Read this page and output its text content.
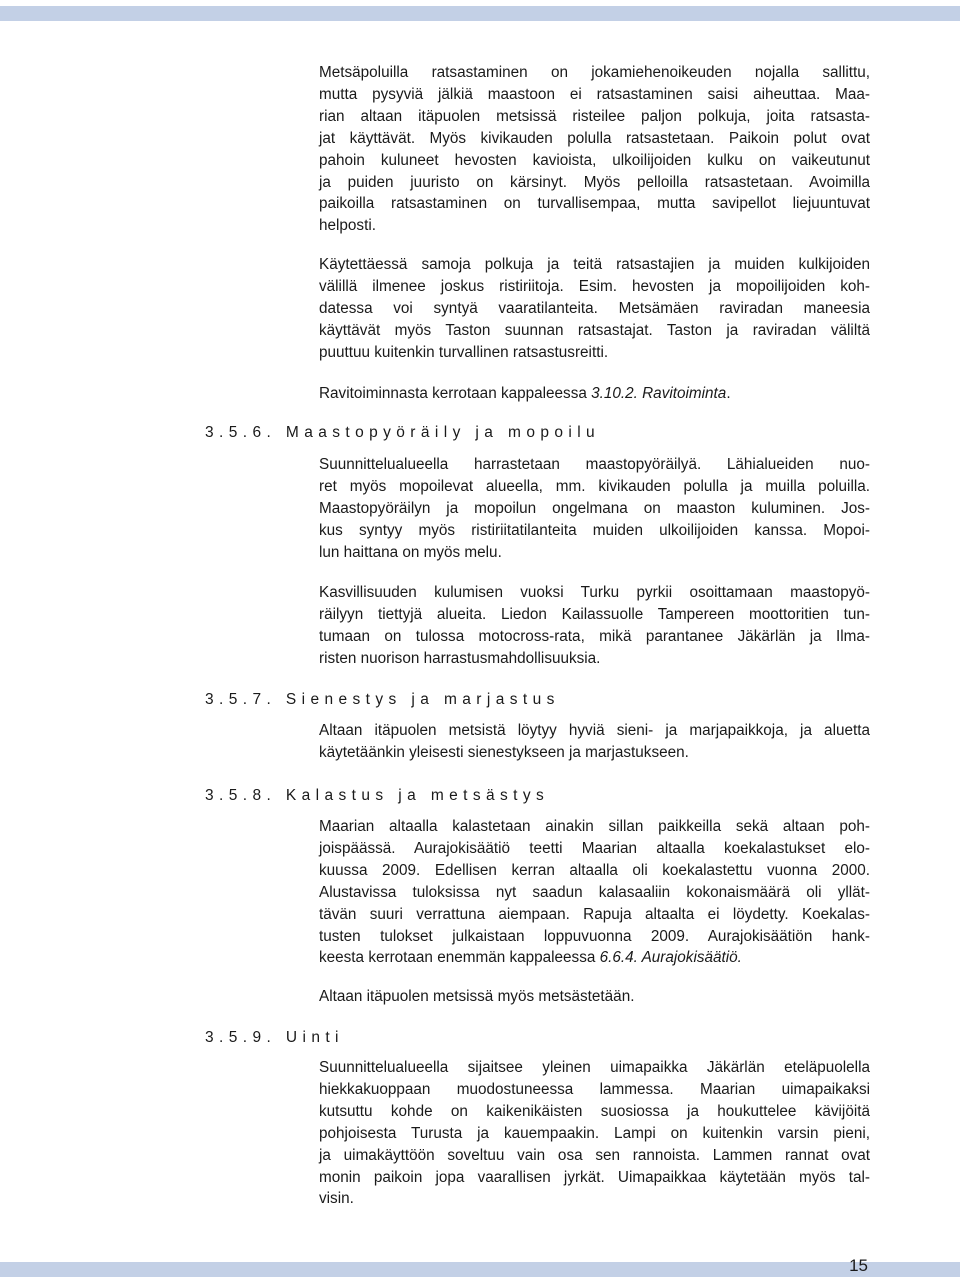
Metsäpoluilla ratsastaminen on jokamiehenoikeuden nojalla sallittu,
mutta pysyviä jälkiä maastoon ei ratsastaminen saisi aiheuttaa. Maa-
rian altaan itäpuolen metsissä risteilee paljon polkuja, joita ratsasta-
jat käyttävät. Myös kivikauden polulla ratsastetaan. Paikoin polut ovat
pahoin kuluneet hevosten kavioista, ulkoilijoiden kulku on vaikeutunut
ja puiden juuristo on kärsinyt. Myös pelloilla ratsastetaan. Avoimilla
paikoilla ratsastaminen on turvallisempaa, mutta savipellot liejuuntuvat
helposti.
Käytettäessä samoja polkuja ja teitä ratsastajien ja muiden kulkijoiden
välillä ilmenee joskus ristiriitoja. Esim. hevosten ja mopoilijoiden koh-
datessa voi syntyä vaaratilanteita. Metsämäen raviradan maneesia
käyttävät myös Taston suunnan ratsastajat. Taston ja raviradan väliltä
puuttuu kuitenkin turvallinen ratsastusreitti.
Ravitoiminnasta kerrotaan kappaleessa 3.10.2. Ravitoiminta.
3.5.6. Maastopyöräily ja mopoilu
Suunnittelualueella harrastetaan maastopyöräilyä. Lähialueiden nuo-
ret myös mopoilevat alueella, mm. kivikauden polulla ja muilla poluilla.
Maastopyöräilyn ja mopoilun ongelmana on maaston kuluminen. Jos-
kus syntyy myös ristiriitatilanteita muiden ulkoilijoiden kanssa. Mopoi-
lun haittana on myös melu.
Kasvillisuuden kulumisen vuoksi Turku pyrkii osoittamaan maastopyö-
räilyyn tiettyjä alueita. Liedon Kailassuolle Tampereen moottoritien tun-
tumaan on tulossa motocross-rata, mikä parantanee Jäkärlän ja Ilma-
risten nuorison harrastusmahdollisuuksia.
3.5.7. Sienestys ja marjastus
Altaan itäpuolen metsistä löytyy hyviä sieni- ja marjapaikkoja, ja aluetta
käytetäänkin yleisesti sienestykseen ja marjastukseen.
3.5.8. Kalastus ja metsästys
Maarian altaalla kalastetaan ainakin sillan paikkeilla sekä altaan poh-
joispäässä. Aurajokisäätiö teetti Maarian altaalla koekalastukset elo-
kuussa 2009. Edellisen kerran altaalla oli koekalastettu vuonna 2000.
Alustavissa tuloksissa nyt saadun kalasaaliin kokonaismäärä oli yllät-
tävän suuri verrattuna aiempaan. Rapuja altaalta ei löydetty. Koekalas-
tusten tulokset julkaistaan loppuvuonna 2009. Aurajokisäätiön hank-
keesta kerrotaan enemmän kappaleessa 6.6.4. Aurajokisäätiö.
Altaan itäpuolen metsissä myös metsästetään.
3.5.9. Uinti
Suunnittelualueella sijaitsee yleinen uimapaikka Jäkärlän eteläpuolella
hiekkakuoppaan muodostuneessa lammessa. Maarian uimapaikaksi
kutsuttu kohde on kaikenikäisten suosiossa ja houkuttelee kävijöitä
pohjoisesta Turusta ja kauempaakin. Lampi on kuitenkin varsin pieni,
ja uimakäyttöön soveltuu vain osa sen rannoista. Lammen rannat ovat
monin paikoin jopa vaarallisen jyrkät. Uimapaikkaa käytetään myös tal-
visin.
15
